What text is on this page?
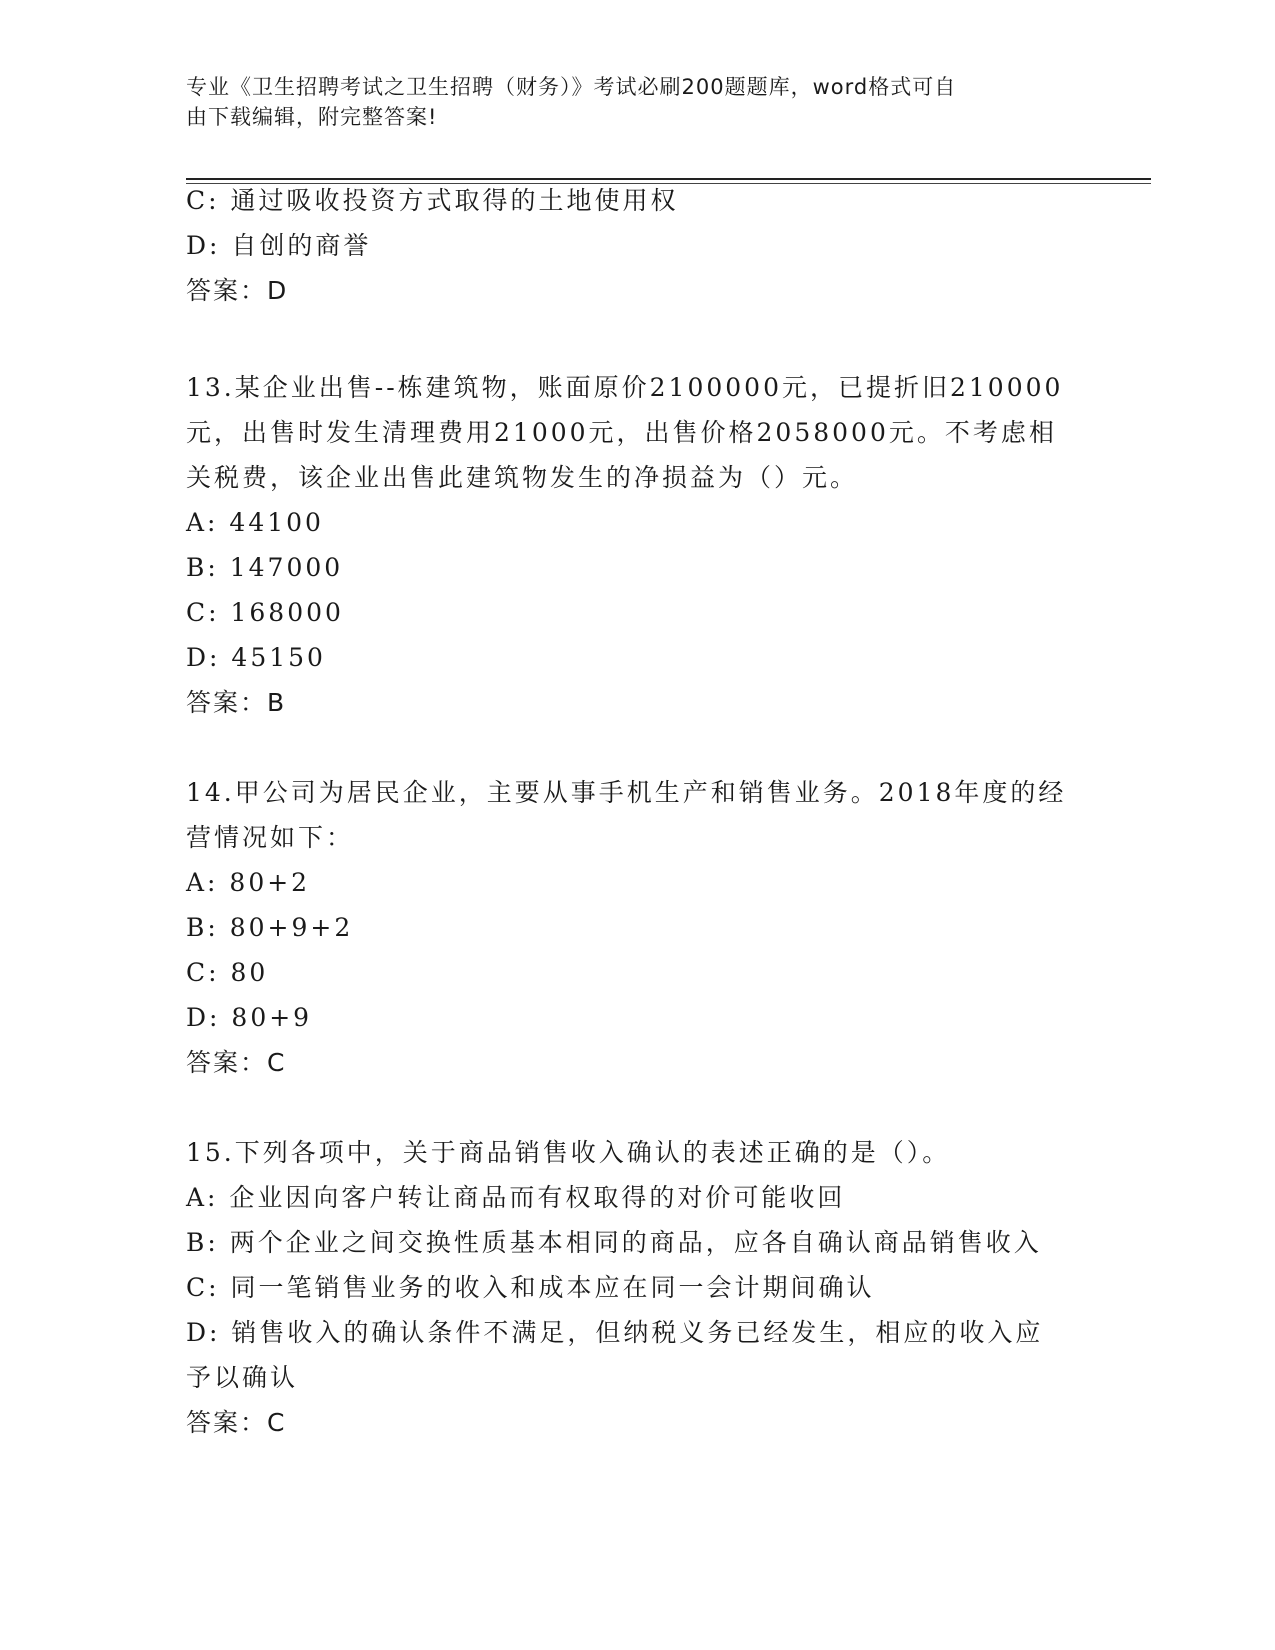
专业《卫生招聘考试之卫生招聘（财务）》考试必刷200题题库，word格式可自
由下载编辑，附完整答案!
C: 通过吸收投资方式取得的土地使用权
D: 自创的商誉
答案：D
13.某企业出售--栋建筑物，账面原价2100000元，已提折旧210000
元，出售时发生清理费用21000元，出售价格2058000元。不考虑相
关税费，该企业出售此建筑物发生的净损益为（）元。
A: 44100
B: 147000
C: 168000
D: 45150
答案：B
14.甲公司为居民企业，主要从事手机生产和销售业务。2018年度的经
营情况如下：
A: 80+2
B: 80+9+2
C: 80
D: 80+9
答案：C
15.下列各项中，关于商品销售收入确认的表述正确的是（）。
A: 企业因向客户转让商品而有权取得的对价可能收回
B: 两个企业之间交换性质基本相同的商品，应各自确认商品销售收入
C: 同一笔销售业务的收入和成本应在同一会计期间确认
D: 销售收入的确认条件不满足，但纳税义务已经发生，相应的收入应
予以确认
答案：C
